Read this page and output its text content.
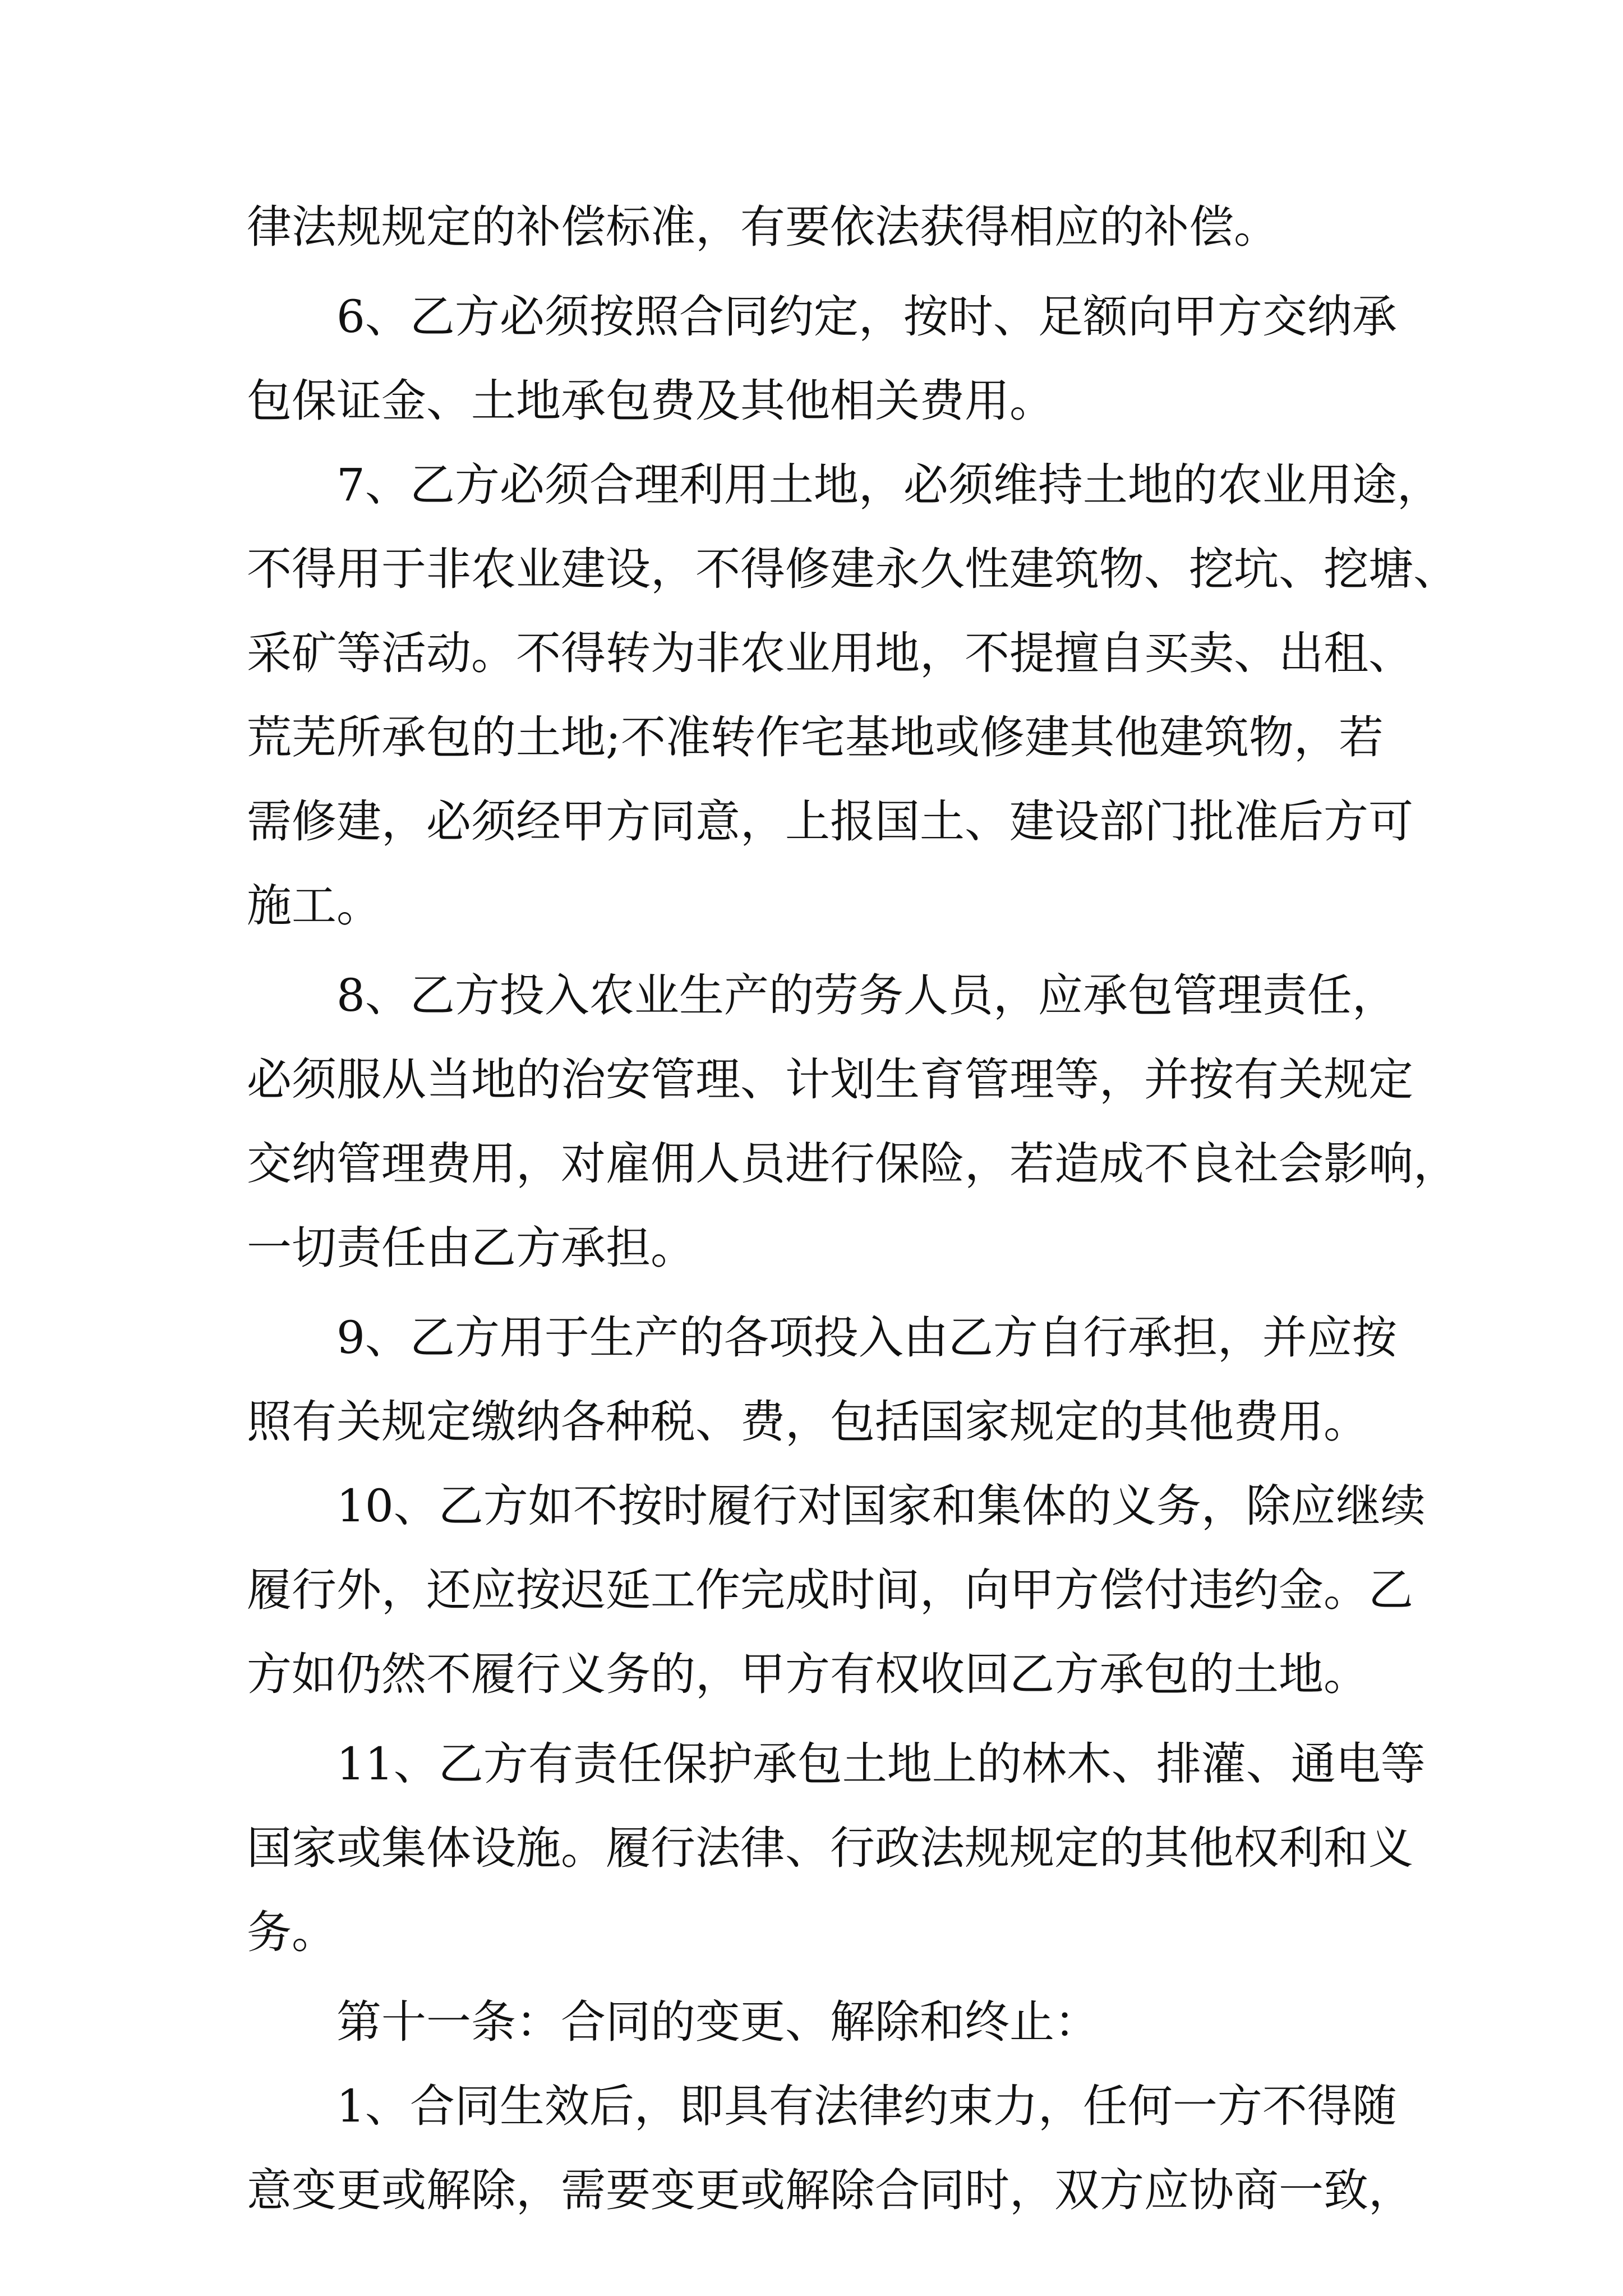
律法规规定的补偿标准，有要依法获得相应的补偿。
6、乙方必须按照合同约定，按时、足额向甲方交纳承
包保证金、土地承包费及其他相关费用。
7、乙方必须合理利用土地，必须维持土地的农业用途，
不得用于非农业建设，不得修建永久性建筑物、挖坑、挖塘、
采矿等活动。不得转为非农业用地，不提擅自买卖、出租、
荒芜所承包的土地;不准转作宅基地或修建其他建筑物，若
需修建，必须经甲方同意，上报国土、建设部门批准后方可
施工。
8、乙方投入农业生产的劳务人员，应承包管理责任，
必须服从当地的治安管理、计划生育管理等，并按有关规定
交纳管理费用，对雇佣人员进行保险，若造成不良社会影响，
一切责任由乙方承担。
9、乙方用于生产的各项投入由乙方自行承担，并应按
照有关规定缴纳各种税、费，包括国家规定的其他费用。
10、乙方如不按时履行对国家和集体的义务，除应继续
履行外，还应按迟延工作完成时间，向甲方偿付违约金。乙
方如仍然不履行义务的，甲方有权收回乙方承包的土地。
11、乙方有责任保护承包土地上的林木、排灌、通电等
国家或集体设施。履行法律、行政法规规定的其他权利和义
务。
第十一条：合同的变更、解除和终止：
1、合同生效后，即具有法律约束力，任何一方不得随
意变更或解除，需要变更或解除合同时，双方应协商一致，
